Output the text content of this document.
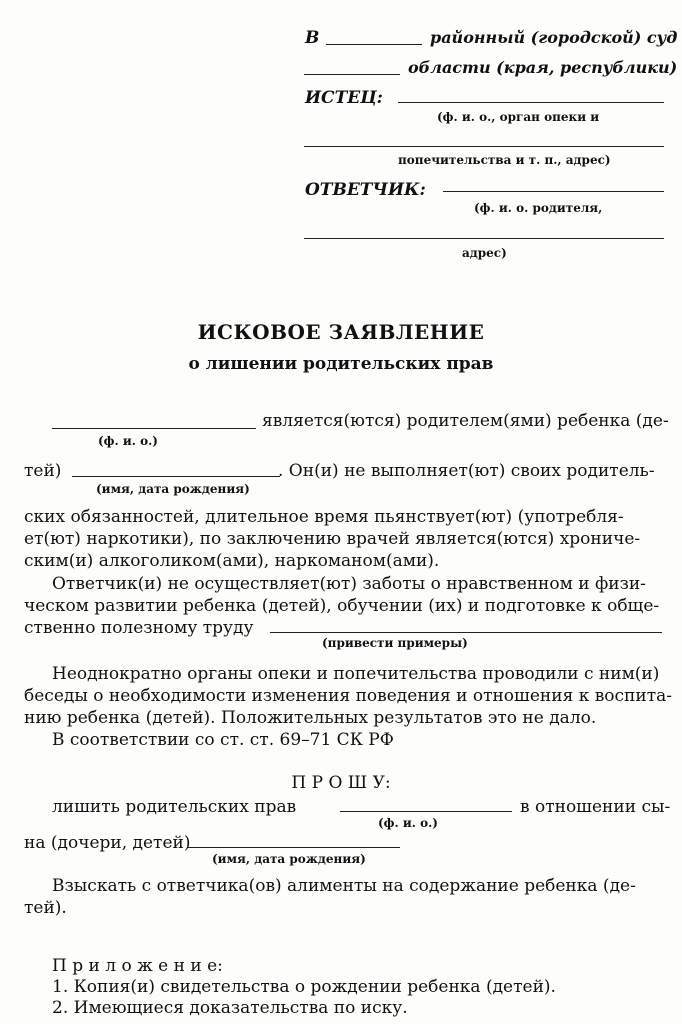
В	районный (городской) суд
области (края, республики)
ИСТЕЦ:
(ф. и. о., орган опеки и
попечительства и т. п., адрес)
ОТВЕТЧИК:
(ф. и. о. родителя,
адрес)
ИСКОВОЕ ЗАЯВЛЕНИЕ
о лишении родительских прав
является(ются) родителем(ями) ребенка (де-
(ф. и. о.)
тей)	. Он(и) не выполняет(ют) своих родитель-
(имя, дата рождения)
ских обязанностей, длительное время пьянствует(ют) (употребля-
ет(ют) наркотики), по заключению врачей является(ются) хрониче-
ским(и) алкоголиком(ами), наркоманом(ами).
Ответчик(и) не осуществляет(ют) заботы о нравственном и физи-
ческом развитии ребенка (детей), обучении (их) и подготовке к обще-
ственно полезному труду
(привести примеры)
Неоднократно органы опеки и попечительства проводили с ним(и)
беседы о необходимости изменения поведения и отношения к воспита-
нию ребенка (детей). Положительных результатов это не дало.
В соответствии со ст. ст. 69–71 СК РФ
П Р О Ш У:
лишить родительских прав	в отношении сы-
(ф. и. о.)
на (дочери, детей)
(имя, дата рождения)
Взыскать с ответчика(ов) алименты на содержание ребенка (де-
тей).
П р и л о ж е н и е:
1. Копия(и) свидетельства о рождении ребенка (детей).
2. Имеющиеся доказательства по иску.
